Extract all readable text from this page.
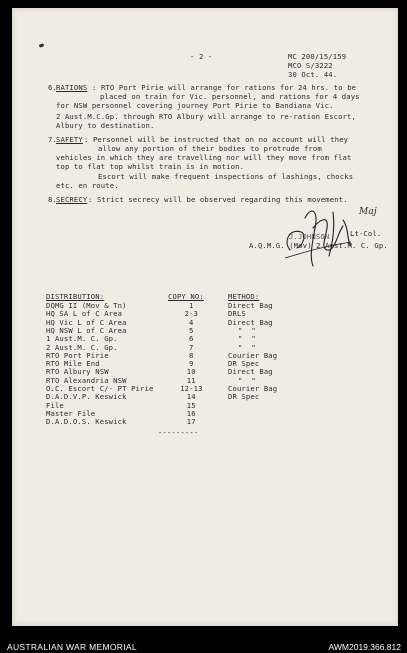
- 2 -	MC 200/15/159
MCO S/3222
30 Oct. 44.
6. RATIONS : RTO Port Pirie will arrange for rations for 24 hrs. to be
placed on train for Vic. personnel, and rations for 4 days
for NSW personnel covering journey Port Pirie to Bandiana Vic.
2 Aust.M.C.Gp. through RTO Albury will arrange to re-ration Escort,
Albury to destination.
7. SAFETY : Personnel will be instructed that on no account will they
allow any portion of their bodies to protrude from
vehicles in which they are travelling nor will they move from flat
top to flat top whilst train is in motion.
Escort will make frequent inspections of lashings, chocks
etc. en route.
8. SECRECY : Strict secrecy will be observed regarding this movement.
Maj
Lt-Col.
J.JOHNSON
A.Q.M.G. (Mov) 2 Aust.M. C. Gp.
DISTRIBUTION:	COPY NO:	METHOD:
DQMG II (Mov & Tn)	1	Direct Bag
HQ SA L of C Area	2-3	DRLS
HQ Vic L of C Area	4	Direct Bag
HQ NSW L of C Area	5	"  "
1 Aust.M. C. Gp.	6	"  "
2 Aust.M. C. Gp.	7	"  "
RTO Port Pirie	8	Courier Bag
RTO Mile End	9	DR Spec
RTO Albury NSW	10	Direct Bag
RTO Alexandria NSW	11	"  "
O.C. Escort C/- PT Pirie	12-13	Courier Bag
D.A.D.V.P. Keswick	14	DR Spec
File	15
Master File	16
D.A.D.O.S. Keswick	17
---------
AUSTRALIAN WAR MEMORIAL	AWM2019.366.812
